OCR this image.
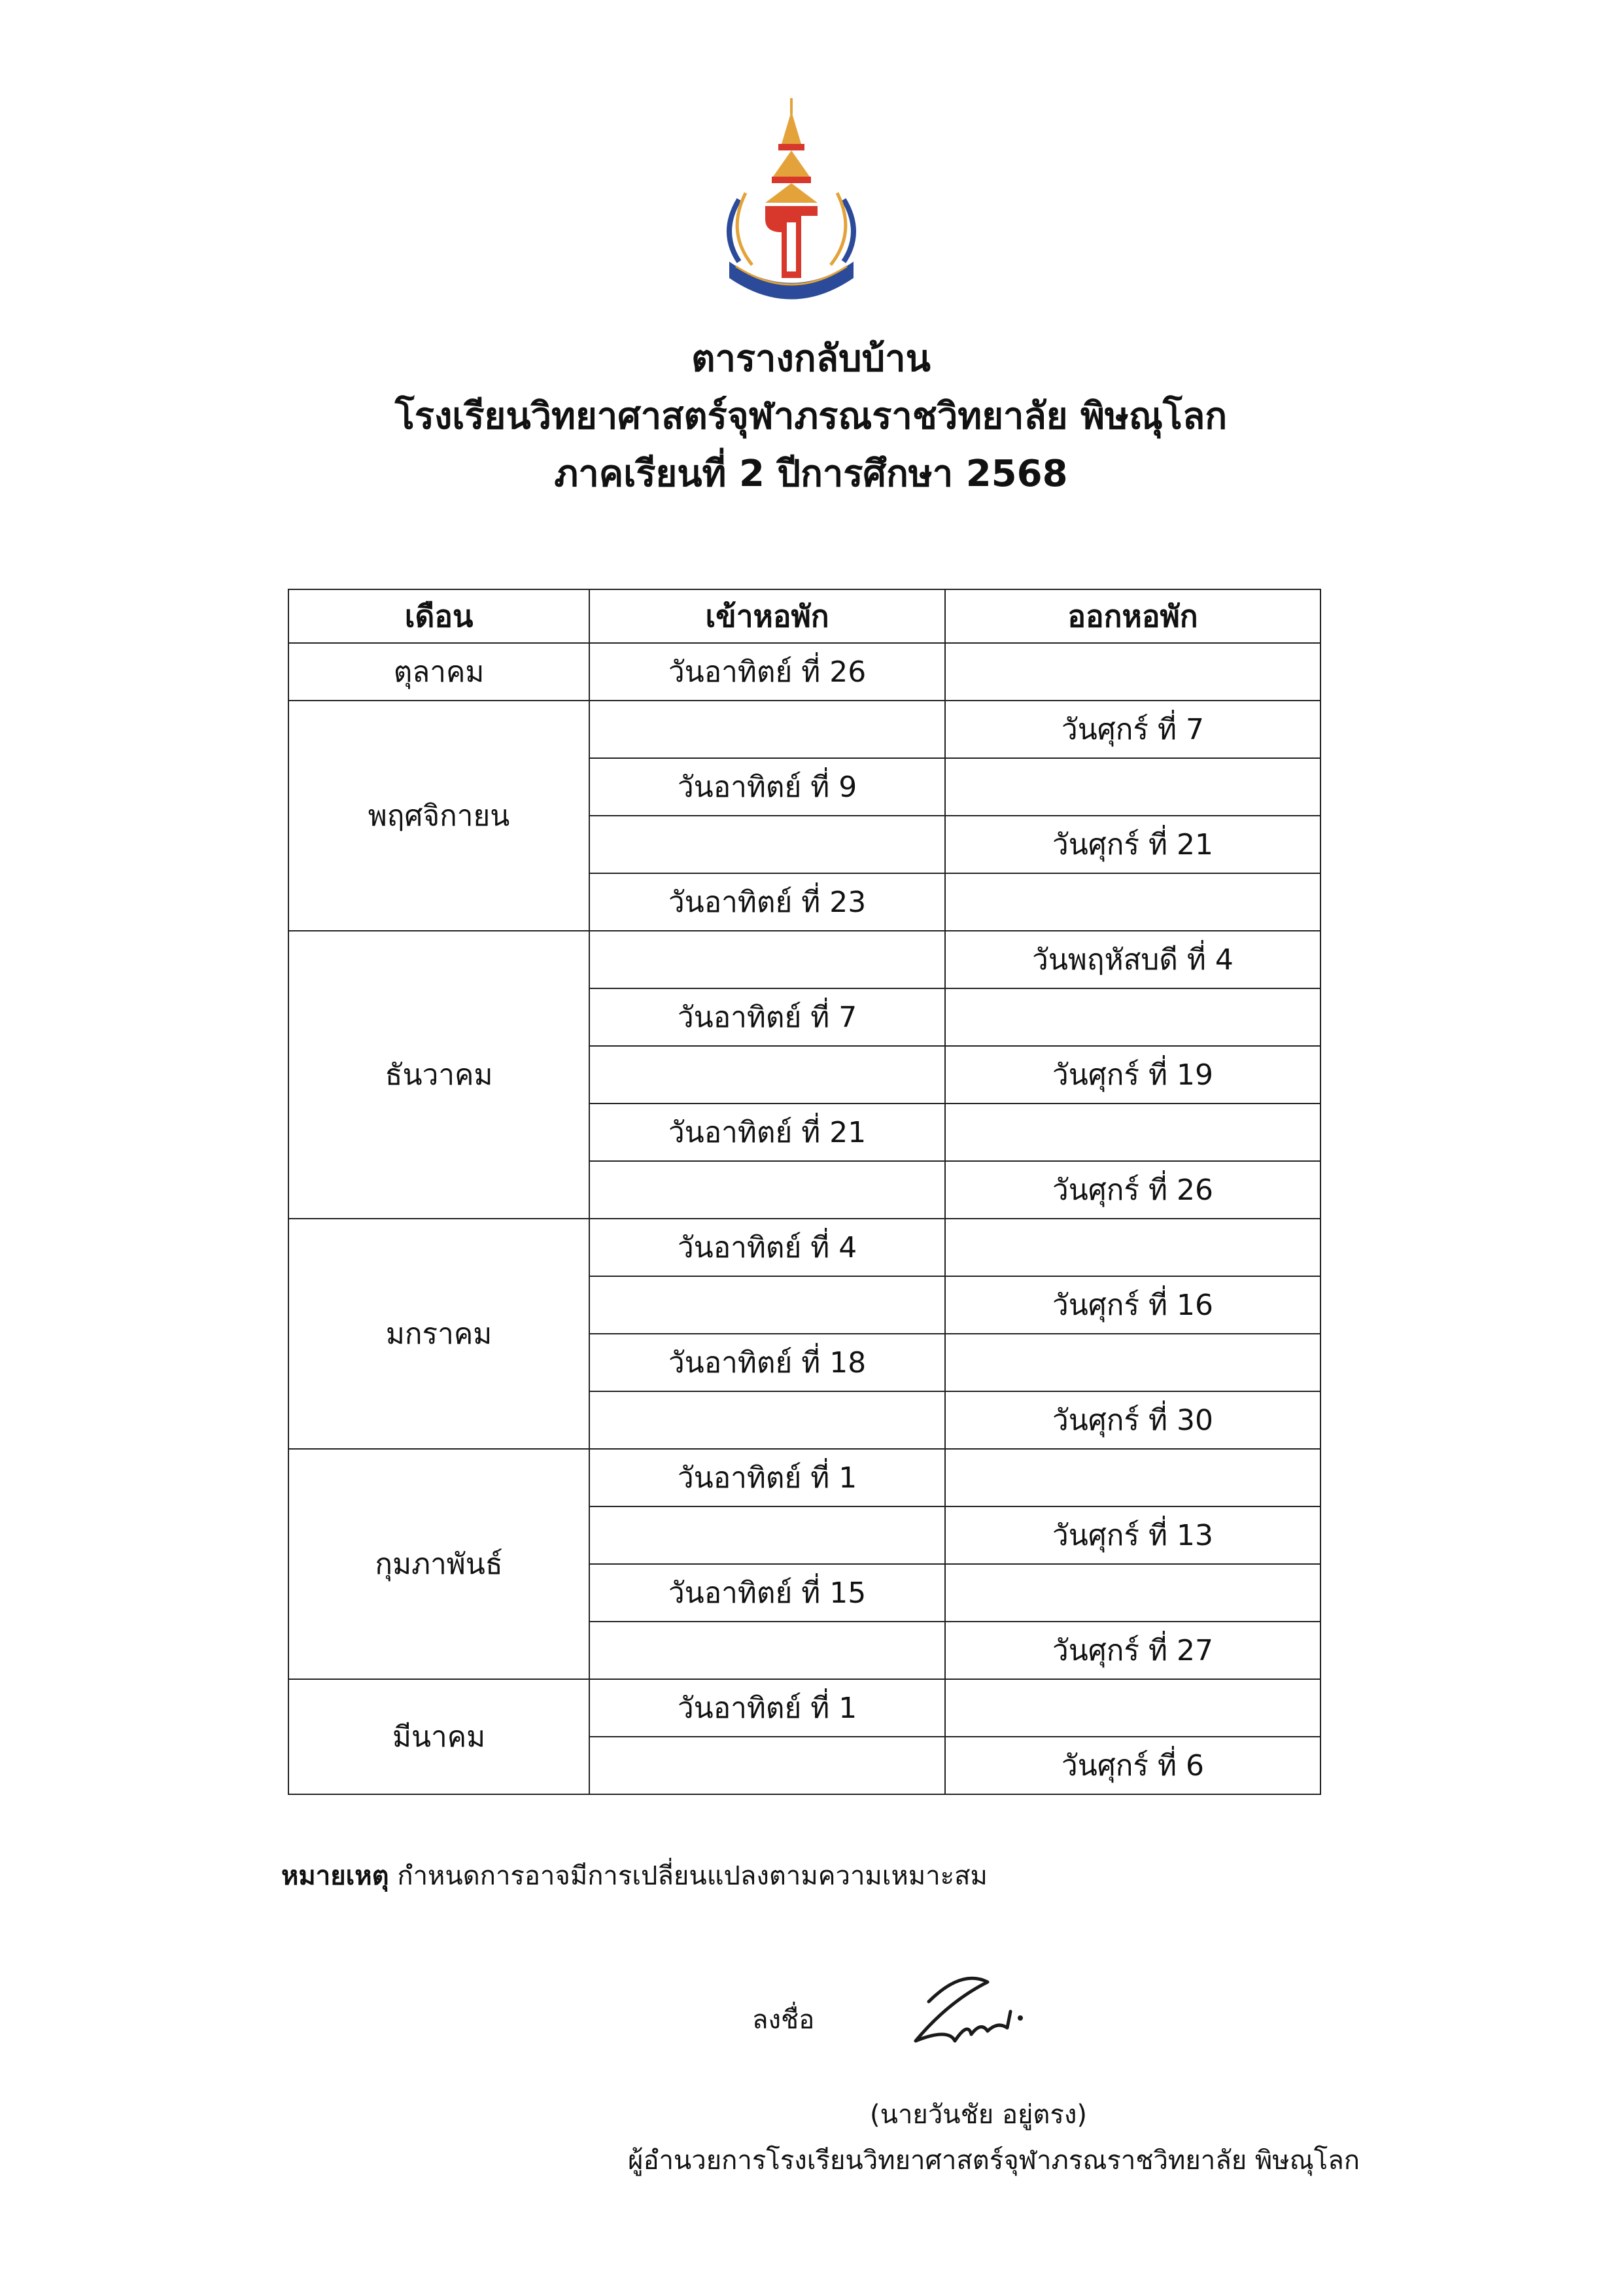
ตารางกลับบ้าน
โรงเรียนวิทยาศาสตร์จุฬาภรณราชวิทยาลัย พิษณุโลก
ภาคเรียนที่ 2 ปีการศึกษา 2568
เดือน	เข้าหอพัก	ออกหอพัก
ตุลาคม	วันอาทิตย์ ที่ 26	
พฤศจิกายน		วันศุกร์ ที่ 7
	วันอาทิตย์ ที่ 9	
		วันศุกร์ ที่ 21
	วันอาทิตย์ ที่ 23	
ธันวาคม		วันพฤหัสบดี ที่ 4
	วันอาทิตย์ ที่ 7	
		วันศุกร์ ที่ 19
	วันอาทิตย์ ที่ 21	
		วันศุกร์ ที่ 26
มกราคม	วันอาทิตย์ ที่ 4	
		วันศุกร์ ที่ 16
	วันอาทิตย์ ที่ 18	
		วันศุกร์ ที่ 30
กุมภาพันธ์	วันอาทิตย์ ที่ 1	
		วันศุกร์ ที่ 13
	วันอาทิตย์ ที่ 15	
		วันศุกร์ ที่ 27
มีนาคม	วันอาทิตย์ ที่ 1	
		วันศุกร์ ที่ 6
หมายเหตุ กำหนดการอาจมีการเปลี่ยนแปลงตามความเหมาะสม
ลงชื่อ
(นายวันชัย อยู่ตรง)
ผู้อำนวยการโรงเรียนวิทยาศาสตร์จุฬาภรณราชวิทยาลัย พิษณุโลก
